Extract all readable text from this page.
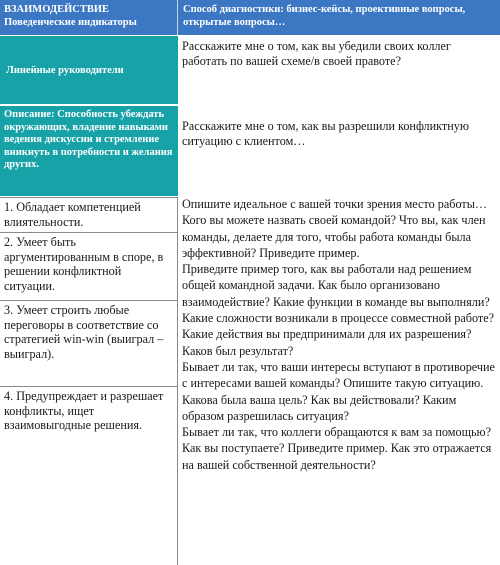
ВЗАИМОДЕЙСТВИЕ
Поведенческие индикаторы
Линейные руководители
Описание: Способность убеждать окружающих, владение навыками ведения дискуссии и стремление вникнуть в потребности и желания других.
1. Обладает компетенцией влиятельности.
2. Умеет быть аргументированным в споре, в решении конфликтной ситуации.
3. Умеет строить любые переговоры в соответствие со стратегией win-win (выиграл – выиграл).
4. Предупреждает и разрешает конфликты, ищет взаимовыгодные решения.
Способ диагностики: бизнес-кейсы, проективные вопросы, открытые вопросы…
Расскажите мне о том, как вы убедили своих коллег работать по вашей схеме/в своей правоте?
Расскажите мне о том, как вы разрешили конфликтную ситуацию с клиентом…

Опишите идеальное с вашей точки зрения место работы…

Кого вы можете назвать своей командой? Что вы, как член команды, делаете для того, чтобы работа команды была эффективной? Приведите пример.

Приведите пример того, как вы работали над решением общей командной задачи. Как было организовано взаимодействие? Какие функции в команде вы выполняли? Какие сложности возникали в процессе совместной работе? Какие действия вы предпринимали для их разрешения? Каков был результат?

Бывает ли так, что ваши интересы вступают в противоречие с интересами вашей команды? Опишите такую ситуацию. Какова была ваша цель? Как вы действовали? Каким образом разрешилась ситуация?

Бывает ли так, что коллеги обращаются к вам за помощью? Как вы поступаете? Приведите пример. Как это отражается на вашей собственной деятельности?
